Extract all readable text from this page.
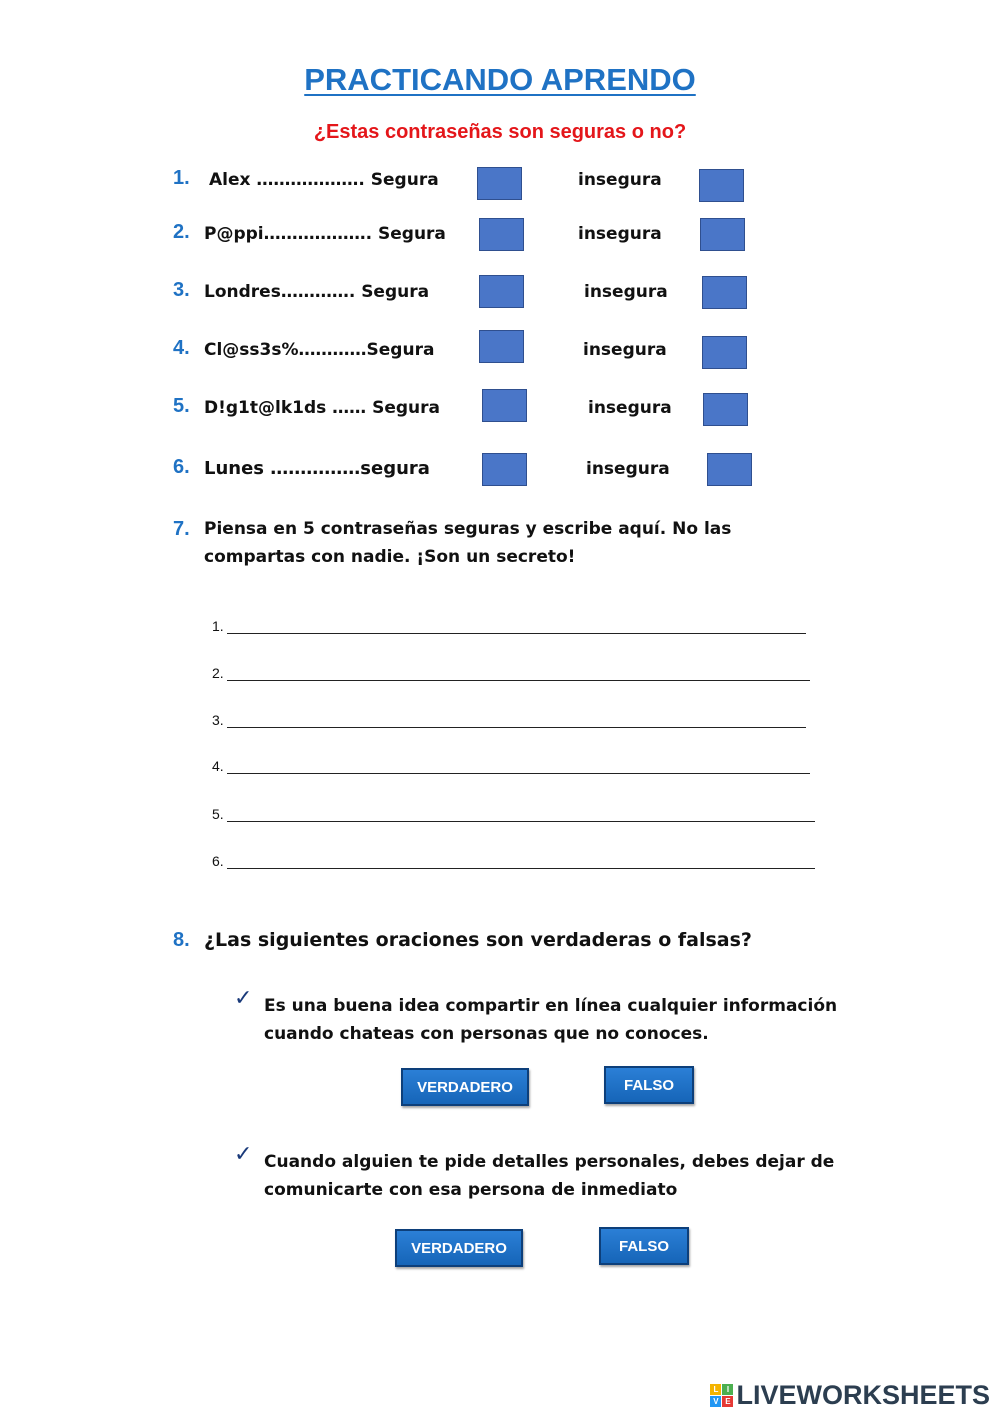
PRACTICANDO APRENDO
¿Estas contraseñas son seguras o no?
1. Alex ………………. Segura	insegura
2. P@ppi………………. Segura	insegura
3. Londres…………. Segura	insegura
4. Cl@ss3s%…………Segura	insegura
5. D!g1t@lk1ds …… Segura	insegura
6. Lunes ……………segura	insegura
7. Piensa en 5 contraseñas seguras y escribe aquí. No las
compartas con nadie. ¡Son un secreto!
1.
2.
3.
4.
5.
6.
8. ¿Las siguientes oraciones son verdaderas o falsas?
✓ Es una buena idea compartir en línea cualquier información
cuando chateas con personas que no conoces.
VERDADERO	FALSO
✓ Cuando alguien te pide detalles personales, debes dejar de
comunicarte con esa persona de inmediato
VERDADERO	FALSO
L	I
V E LIVEWORKSHEETS
